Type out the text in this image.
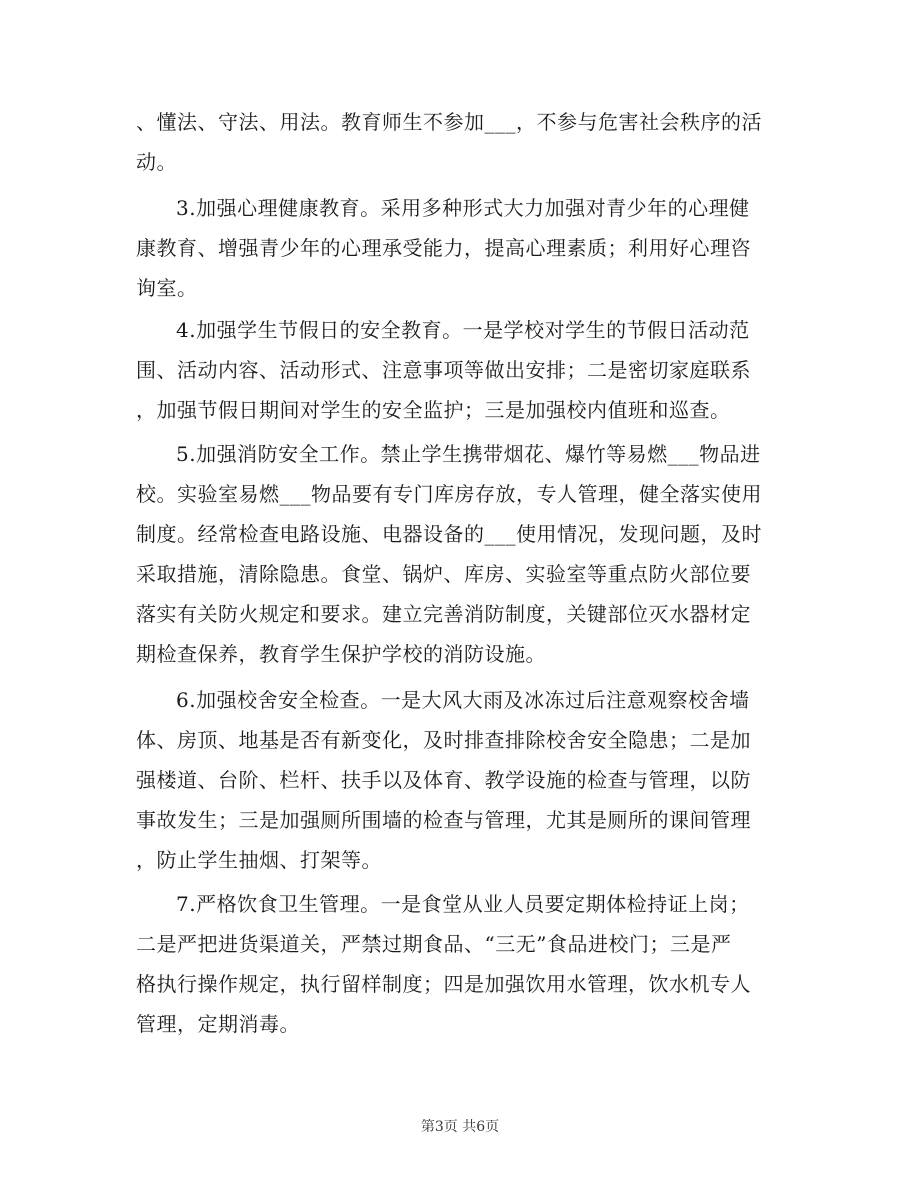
、懂法、守法、用法。教育师生不参加___，不参与危害社会秩序的活
动。
3.加强心理健康教育。采用多种形式大力加强对青少年的心理健
康教育、增强青少年的心理承受能力，提高心理素质；利用好心理咨
询室。
4.加强学生节假日的安全教育。一是学校对学生的节假日活动范
围、活动内容、活动形式、注意事项等做出安排；二是密切家庭联系
，加强节假日期间对学生的安全监护；三是加强校内值班和巡查。
5.加强消防安全工作。禁止学生携带烟花、爆竹等易燃___物品进
校。实验室易燃___物品要有专门库房存放，专人管理，健全落实使用
制度。经常检查电路设施、电器设备的___使用情况，发现问题，及时
采取措施，清除隐患。食堂、锅炉、库房、实验室等重点防火部位要
落实有关防火规定和要求。建立完善消防制度，关键部位灭水器材定
期检查保养，教育学生保护学校的消防设施。
6.加强校舍安全检查。一是大风大雨及冰冻过后注意观察校舍墙
体、房顶、地基是否有新变化，及时排查排除校舍安全隐患；二是加
强楼道、台阶、栏杆、扶手以及体育、教学设施的检查与管理，以防
事故发生；三是加强厕所围墙的检查与管理，尤其是厕所的课间管理
，防止学生抽烟、打架等。
7.严格饮食卫生管理。一是食堂从业人员要定期体检持证上岗；
二是严把进货渠道关，严禁过期食品、“三无”食品进校门；三是严
格执行操作规定，执行留样制度；四是加强饮用水管理，饮水机专人
管理，定期消毒。
第3页 共6页
